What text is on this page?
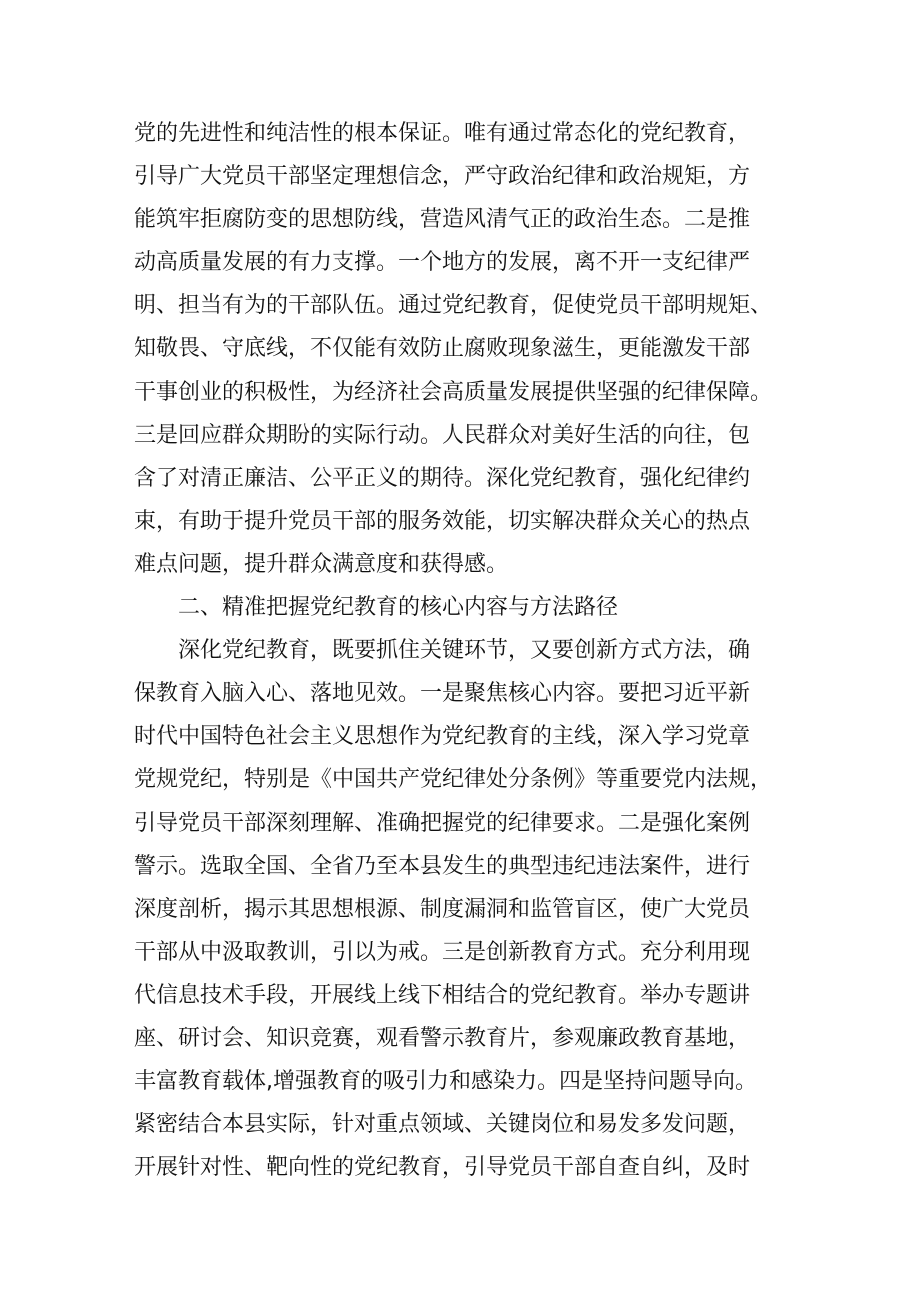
党的先进性和纯洁性的根本保证。唯有通过常态化的党纪教育，
引导广大党员干部坚定理想信念，严守政治纪律和政治规矩，方
能筑牢拒腐防变的思想防线，营造风清气正的政治生态。二是推
动高质量发展的有力支撑。一个地方的发展，离不开一支纪律严
明、担当有为的干部队伍。通过党纪教育，促使党员干部明规矩、
知敬畏、守底线，不仅能有效防止腐败现象滋生，更能激发干部
干事创业的积极性，为经济社会高质量发展提供坚强的纪律保障。
三是回应群众期盼的实际行动。人民群众对美好生活的向往，包
含了对清正廉洁、公平正义的期待。深化党纪教育，强化纪律约
束，有助于提升党员干部的服务效能，切实解决群众关心的热点
难点问题，提升群众满意度和获得感。
二、精准把握党纪教育的核心内容与方法路径
深化党纪教育，既要抓住关键环节，又要创新方式方法，确
保教育入脑入心、落地见效。一是聚焦核心内容。要把习近平新
时代中国特色社会主义思想作为党纪教育的主线，深入学习党章
党规党纪，特别是《中国共产党纪律处分条例》等重要党内法规，
引导党员干部深刻理解、准确把握党的纪律要求。二是强化案例
警示。选取全国、全省乃至本县发生的典型违纪违法案件，进行
深度剖析，揭示其思想根源、制度漏洞和监管盲区，使广大党员
干部从中汲取教训，引以为戒。三是创新教育方式。充分利用现
代信息技术手段，开展线上线下相结合的党纪教育。举办专题讲
座、研讨会、知识竞赛，观看警示教育片，参观廉政教育基地，
丰富教育载体,增强教育的吸引力和感染力。四是坚持问题导向。
紧密结合本县实际，针对重点领域、关键岗位和易发多发问题，
开展针对性、靶向性的党纪教育，引导党员干部自查自纠，及时
